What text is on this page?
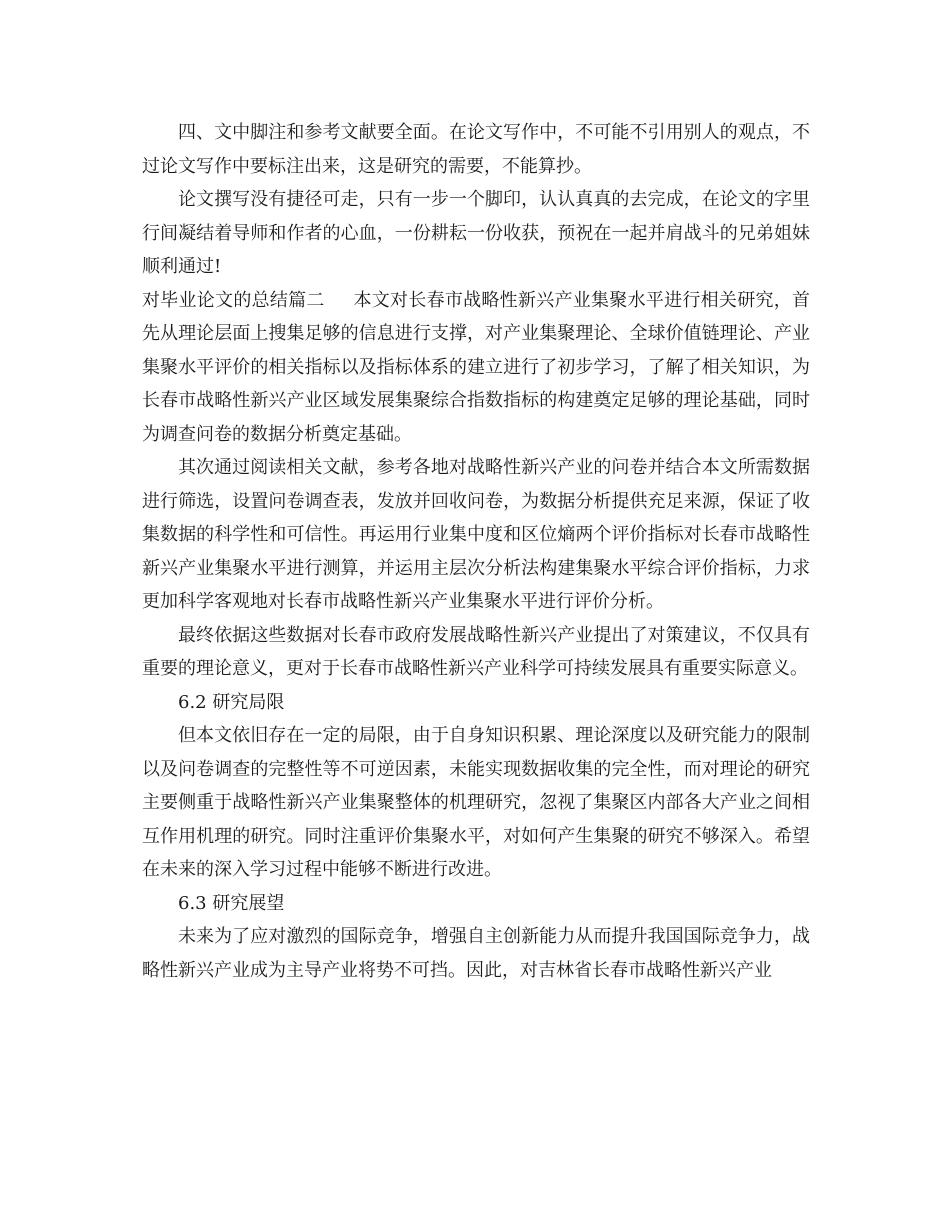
四、文中脚注和参考文献要全面。在论文写作中，不可能不引用别人的观点，不过论文写作中要标注出来，这是研究的需要，不能算抄。

论文撰写没有捷径可走，只有一步一个脚印，认认真真的去完成，在论文的字里行间凝结着导师和作者的心血，一份耕耘一份收获，预祝在一起并肩战斗的兄弟姐妹顺利通过!

对毕业论文的总结篇二 本文对长春市战略性新兴产业集聚水平进行相关研究，首先从理论层面上搜集足够的信息进行支撑，对产业集聚理论、全球价值链理论、产业集聚水平评价的相关指标以及指标体系的建立进行了初步学习，了解了相关知识，为长春市战略性新兴产业区域发展集聚综合指数指标的构建奠定足够的理论基础，同时为调查问卷的数据分析奠定基础。

其次通过阅读相关文献，参考各地对战略性新兴产业的问卷并结合本文所需数据进行筛选，设置问卷调查表，发放并回收问卷，为数据分析提供充足来源，保证了收集数据的科学性和可信性。再运用行业集中度和区位熵两个评价指标对长春市战略性新兴产业集聚水平进行测算，并运用主层次分析法构建集聚水平综合评价指标，力求更加科学客观地对长春市战略性新兴产业集聚水平进行评价分析。

最终依据这些数据对长春市政府发展战略性新兴产业提出了对策建议，不仅具有重要的理论意义，更对于长春市战略性新兴产业科学可持续发展具有重要实际意义。

6.2 研究局限

但本文依旧存在一定的局限，由于自身知识积累、理论深度以及研究能力的限制以及问卷调查的完整性等不可逆因素，未能实现数据收集的完全性，而对理论的研究主要侧重于战略性新兴产业集聚整体的机理研究，忽视了集聚区内部各大产业之间相互作用机理的研究。同时注重评价集聚水平，对如何产生集聚的研究不够深入。希望在未来的深入学习过程中能够不断进行改进。

6.3 研究展望

未来为了应对激烈的国际竞争，增强自主创新能力从而提升我国国际竞争力，战略性新兴产业成为主导产业将势不可挡。因此，对吉林省长春市战略性新兴产业
